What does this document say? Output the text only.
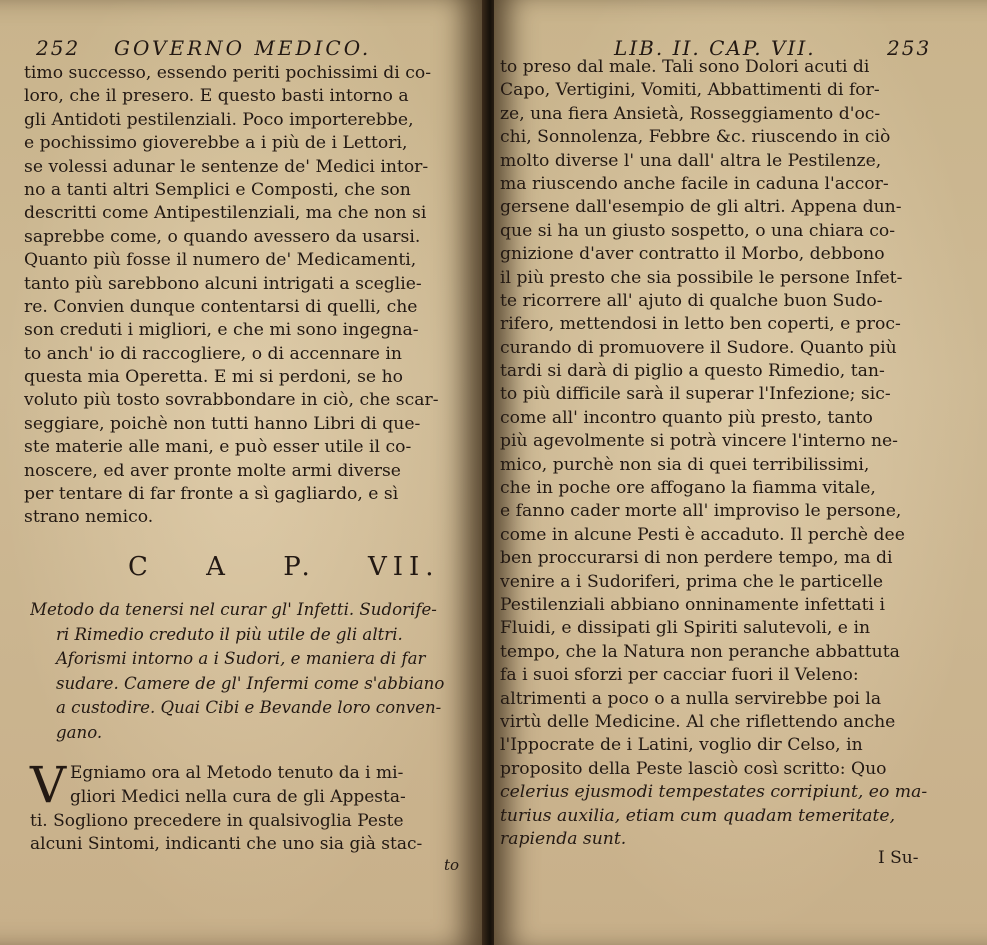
252 GOVERNO MEDICO.
timo successo, essendo periti pochissimi di co-
loro, che il presero. E questo basti intorno a
gli Antidoti pestilenziali. Poco importerebbe,
e pochissimo gioverebbe a i più de i Lettori,
se volessi adunar le sentenze de' Medici intor-
no a tanti altri Semplici e Composti, che son
descritti come Antipestilenziali, ma che non si
saprebbe come, o quando avessero da usarsi.
Quanto più fosse il numero de' Medicamenti,
tanto più sarebbono alcuni intrigati a sceglie-
re. Convien dunque contentarsi di quelli, che
son creduti i migliori, e che mi sono ingegna-
to anch' io di raccogliere, o di accennare in
questa mia Operetta. E mi si perdoni, se ho
voluto più tosto sovrabbondare in ciò, che scar-
seggiare, poichè non tutti hanno Libri di que-
ste materie alle mani, e può esser utile il co-
noscere, ed aver pronte molte armi diverse
per tentare di far fronte a sì gagliardo, e sì
strano nemico.
C A P. VII.
Metodo da tenersi nel curar gl' Infetti. Sudorife-
ri Rimedio creduto il più utile de gli altri.
Aforismi intorno a i Sudori, e maniera di far
sudare. Camere de gl' Infermi come s'abbiano
a custodire. Quai Cibi e Bevande loro conven-
gano.
V Egniamo ora al Metodo tenuto da i mi-
gliori Medici nella cura de gli Appesta-
ti. Sogliono precedere in qualsivoglia Peste
alcuni Sintomi, indicanti che uno sia già stac-
to
LIB. II. CAP. VII.	253
to preso dal male. Tali sono Dolori acuti di
Capo, Vertigini, Vomiti, Abbattimenti di for-
ze, una fiera Ansietà, Rosseggiamento d'oc-
chi, Sonnolenza, Febbre &c. riuscendo in ciò
molto diverse l' una dall' altra le Pestilenze,
ma riuscendo anche facile in caduna l'accor-
gersene dall'esempio de gli altri. Appena dun-
que si ha un giusto sospetto, o una chiara co-
gnizione d'aver contratto il Morbo, debbono
il più presto che sia possibile le persone Infet-
te ricorrere all' ajuto di qualche buon Sudo-
rifero, mettendosi in letto ben coperti, e proc-
curando di promuovere il Sudore. Quanto più
tardi si darà di piglio a questo Rimedio, tan-
to più difficile sarà il superar l'Infezione; sic-
come all' incontro quanto più presto, tanto
più agevolmente si potrà vincere l'interno ne-
mico, purchè non sia di quei terribilissimi,
che in poche ore affogano la fiamma vitale,
e fanno cader morte all' improviso le persone,
come in alcune Pesti è accaduto. Il perchè dee
ben proccurarsi di non perdere tempo, ma di
venire a i Sudoriferi, prima che le particelle
Pestilenziali abbiano onninamente infettati i
Fluidi, e dissipati gli Spiriti salutevoli, e in
tempo, che la Natura non peranche abbattuta
fa i suoi sforzi per cacciar fuori il Veleno:
altrimenti a poco o a nulla servirebbe poi la
virtù delle Medicine. Al che riflettendo anche
l'Ippocrate de i Latini, voglio dir Celso, in
proposito della Peste lasciò così scritto: Quo
celerius ejusmodi tempestates corripiunt, eo ma-
turius auxilia, etiam cum quadam temeritate,
rapienda sunt.
I Su-
